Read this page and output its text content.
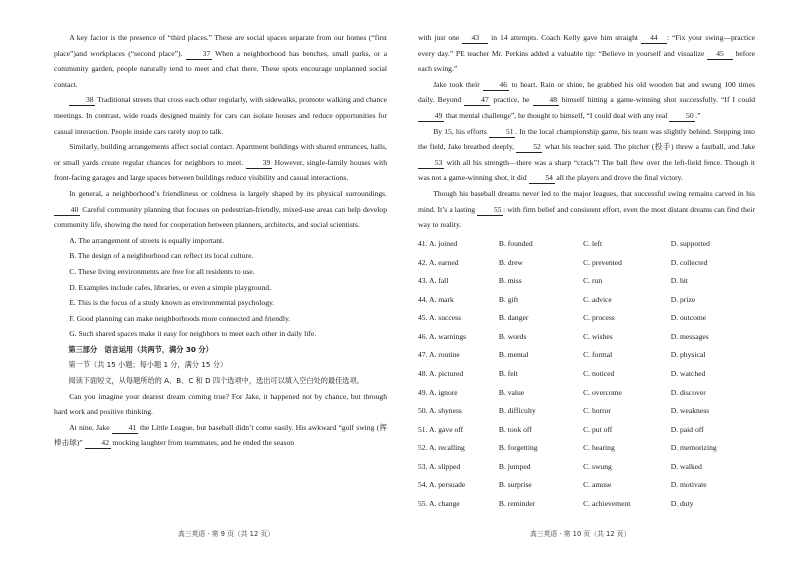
A key factor is the presence of “third places.” These are social spaces separate from our homes (“first place”)and workplaces (“second place”). 37 When a neighborhood has benches, small parks, or a community garden, people naturally tend to meet and chat there. These spots encourage unplanned social contact.

38 Traditional streets that cross each other regularly, with sidewalks, promote walking and chance meetings. In contrast, wide roads designed mainly for cars can isolate houses and reduce opportunities for casual interaction. People inside cars rarely stop to talk.

Similarly, building arrangements affect social contact. Apartment buildings with shared entrances, halls, or small yards create regular chances for neighbors to meet. 39 However, single-family houses with front-facing garages and large spaces between buildings reduce visibility and casual interactions.

In general, a neighborhood’s friendliness or coldness is largely shaped by its physical surroundings. 40 Careful community planning that focuses on pedestrian-friendly, mixed-use areas can help develop community life, showing the need for cooperation between planners, architects, and social scientists.

A. The arrangement of streets is equally important.

B. The design of a neighborhood can reflect its local culture.

C. These living environments are free for all residents to use.

D. Examples include cafes, libraries, or even a simple playground.

E. This is the focus of a study known as environmental psychology.

F. Good planning can make neighborhoods more connected and friendly.

G. Such shared spaces make it easy for neighbors to meet each other in daily life.

第三部分　语言运用（共两节，满分 30 分）

第一节（共 15 小题；每小题 1 分，满分 15 分）

阅读下面短文，从每题所给的 A、B、C 和 D 四个选项中，选出可以填入空白处的最佳选项。

Can you imagine your dearest dream coming true? For Jake, it happened not by chance, but through hard work and positive thinking.

At nine, Jake 41 the Little League, but baseball didn’t come easily. His awkward “golf swing (挥棒击球)” 42 mocking laughter from teammates, and he ended the season

with just one 43 in 14 attempts. Coach Kelly gave him straight 44 : “Fix your swing—practice every day.” PE teacher Mr. Perkins added a valuable tip: “Believe in yourself and visualize 45 before each swing.”

Jake took their 46 to heart. Rain or shine, he grabbed his old wooden bat and swung 100 times daily. Beyond 47 practice, he 48 himself hitting a game-winning shot successfully. “If I could 49 that mental challenge”, he thought to himself, “I could deal with any real 50 .”

By 15, his efforts 51 . In the local championship game, his team was slightly behind. Stepping into the field, Jake breathed deeply, 52 what his teacher said. The pitcher (投手) threw a fastball, and Jake 53 with all his strength—there was a sharp “crack”! The ball flew over the left-field fence. Though it was not a game-winning shot, it did 54 all the players and drove the final victory.

Though his baseball dreams never led to the major leagues, that successful swing remains carved in his mind. It’s a lasting 55 : with firm belief and consistent effort, even the most distant dreams can find their way to reality.

41. A. joined	B. founded	C. left	D. supported
42. A. earned	B. drew	C. prevented	D. collected
43. A. fall	B. miss	C. run	D. hit
44. A. mark	B. gift	C. advice	D. prize
45. A. success	B. danger	C. process	D. outcome
46. A. warnings	B. words	C. wishes	D. messages
47. A. routine	B. mental	C. formal	D. physical
48. A. pictured	B. felt	C. noticed	D. watched
49. A. ignore	B. value	C. overcome	D. discover
50. A. shyness	B. difficulty	C. horror	D. weakness
51. A. gave off	B. took off	C. put off	D. paid off
52. A. recalling	B. forgetting	C. hearing	D. memorizing
53. A. slipped	B. jumped	C. swung	D. walked
54. A. persuade	B. surprise	C. amuse	D. motivate
55. A. change	B. reminder	C. achievement	D. duty
高三英语 · 第 9 页（共 12 页）	高三英语 · 第 10 页（共 12 页）
